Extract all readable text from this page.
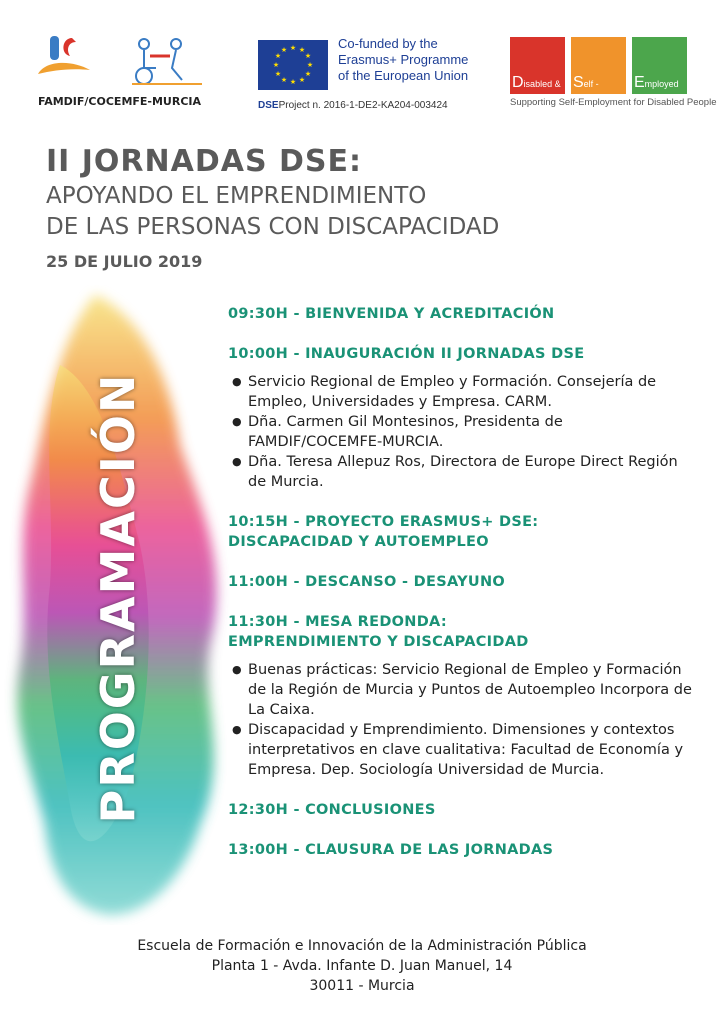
FAMDIF/COCEMFE-MURCIA
★ ★
★
★
★
★
★
★
★
★
★
★	Co-funded by the
Erasmus+ Programme
of the European Union
DSEProject n. 2016-1-DE2-KA204-003424
Disabled & Self - Employed
Supporting Self-Employment for Disabled People
II JORNADAS DSE:
APOYANDO EL EMPRENDIMIENTO
DE LAS PERSONAS CON DISCAPACIDAD
25 DE JULIO 2019
PROGRAMACIÓN
09:30H - BIENVENIDA Y ACREDITACIÓN
10:00H - INAUGURACIÓN II JORNADAS DSE
● Servicio Regional de Empleo y Formación. Consejería de Empleo, Universidades y Empresa. CARM.
● Dña. Carmen Gil Montesinos, Presidenta de FAMDIF/COCEMFE-MURCIA.
● Dña. Teresa Allepuz Ros, Directora de Europe Direct Región de Murcia.
10:15H - PROYECTO ERASMUS+ DSE:
DISCAPACIDAD Y AUTOEMPLEO
11:00H - DESCANSO - DESAYUNO
11:30H - MESA REDONDA:
EMPRENDIMIENTO Y DISCAPACIDAD
● Buenas prácticas: Servicio Regional de Empleo y Formación de la Región de Murcia y Puntos de Autoempleo Incorpora de La Caixa.
● Discapacidad y Emprendimiento. Dimensiones y contextos interpretativos en clave cualitativa: Facultad de Economía y Empresa. Dep. Sociología Universidad de Murcia.
12:30H - CONCLUSIONES
13:00H - CLAUSURA DE LAS JORNADAS
Escuela de Formación e Innovación de la Administración Pública
Planta 1 - Avda. Infante D. Juan Manuel, 14
30011 - Murcia
